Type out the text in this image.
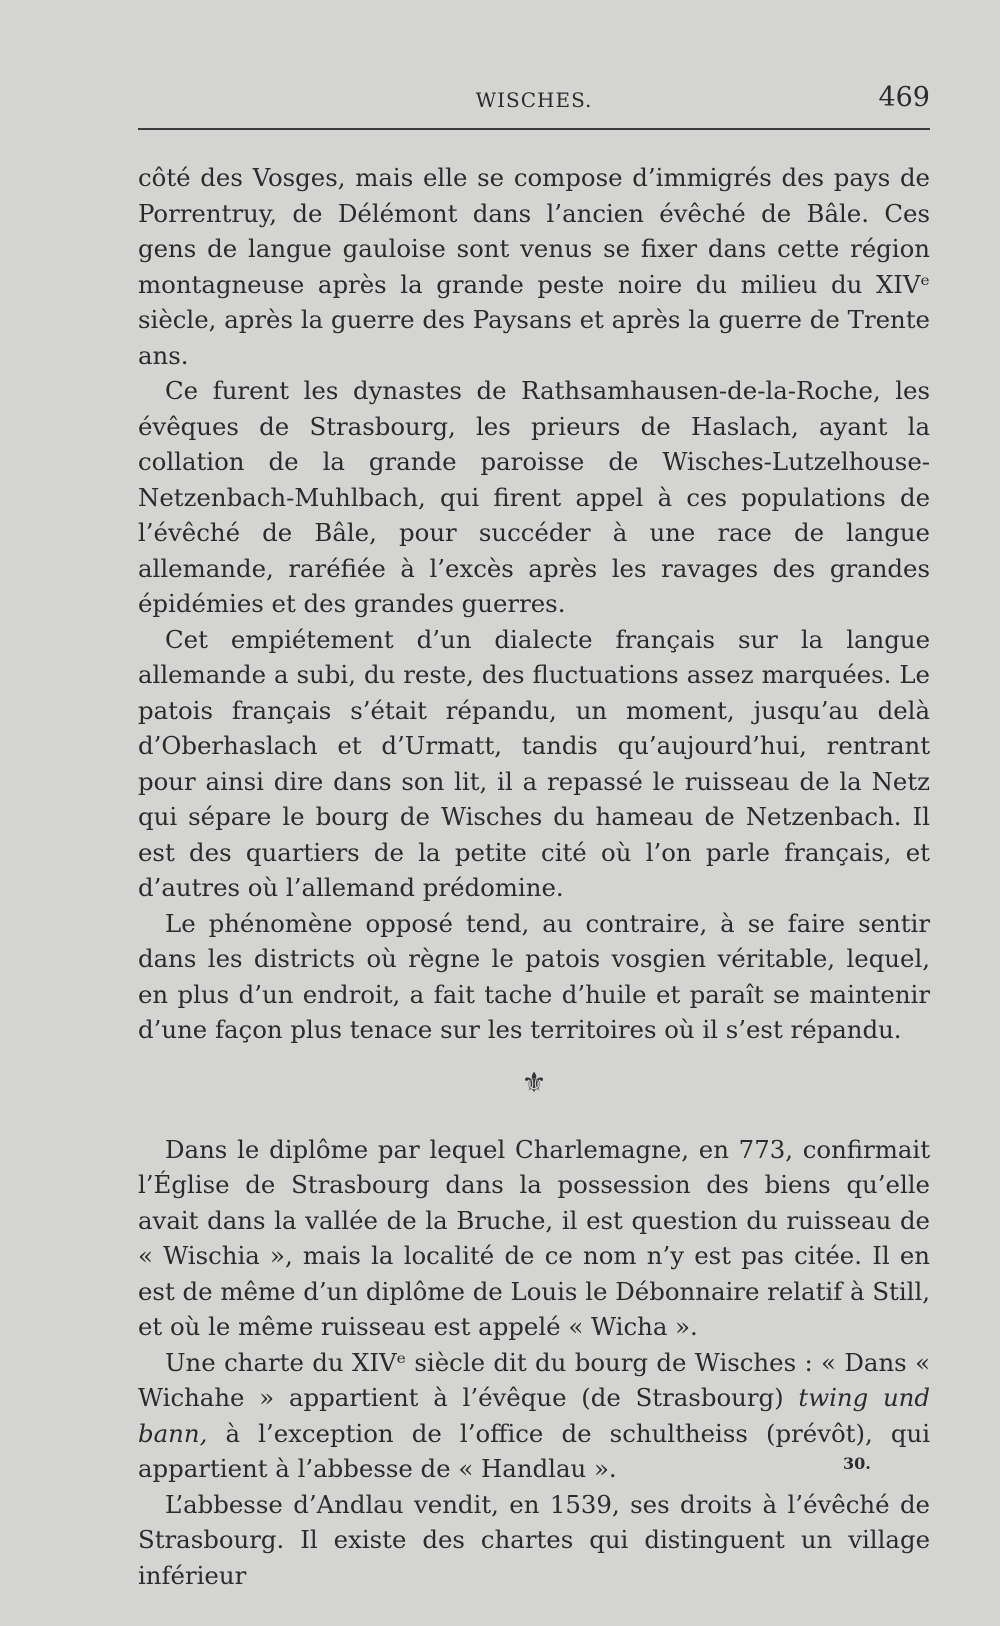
WISCHES.	469

côté des Vosges, mais elle se compose d’immigrés des pays de Porrentruy, de Délémont dans l’ancien évêché de Bâle. Ces gens de langue gauloise sont venus se fixer dans cette région montagneuse après la grande peste noire du milieu du XIVᵉ siècle, après la guerre des Paysans et après la guerre de Trente ans.

Ce furent les dynastes de Rathsamhausen-de-la-Roche, les évêques de Strasbourg, les prieurs de Haslach, ayant la collation de la grande paroisse de Wisches-Lutzelhouse-Netzenbach-Muhlbach, qui firent appel à ces populations de l’évêché de Bâle, pour succéder à une race de langue allemande, raréfiée à l’excès après les ravages des grandes épidémies et des grandes guerres.

Cet empiétement d’un dialecte français sur la langue allemande a subi, du reste, des fluctuations assez marquées. Le patois français s’était répandu, un moment, jusqu’au delà d’Oberhaslach et d’Urmatt, tandis qu’aujourd’hui, rentrant pour ainsi dire dans son lit, il a repassé le ruisseau de la Netz qui sépare le bourg de Wisches du hameau de Netzenbach. Il est des quartiers de la petite cité où l’on parle français, et d’autres où l’allemand prédomine.

Le phénomène opposé tend, au contraire, à se faire sentir dans les districts où règne le patois vosgien véritable, lequel, en plus d’un endroit, a fait tache d’huile et paraît se maintenir d’une façon plus tenace sur les territoires où il s’est répandu.

⚜

Dans le diplôme par lequel Charlemagne, en 773, confirmait l’Église de Strasbourg dans la possession des biens qu’elle avait dans la vallée de la Bruche, il est question du ruisseau de « Wischia », mais la localité de ce nom n’y est pas citée. Il en est de même d’un diplôme de Louis le Débonnaire relatif à Still, et où le même ruisseau est appelé « Wicha ».

Une charte du XIVᵉ siècle dit du bourg de Wisches : « Dans « Wichahe » appartient à l’évêque (de Strasbourg) twing und bann, à l’exception de l’office de schultheiss (prévôt), qui appartient à l’abbesse de « Handlau ».

L’abbesse d’Andlau vendit, en 1539, ses droits à l’évêché de Strasbourg. Il existe des chartes qui distinguent un village inférieur

30.
